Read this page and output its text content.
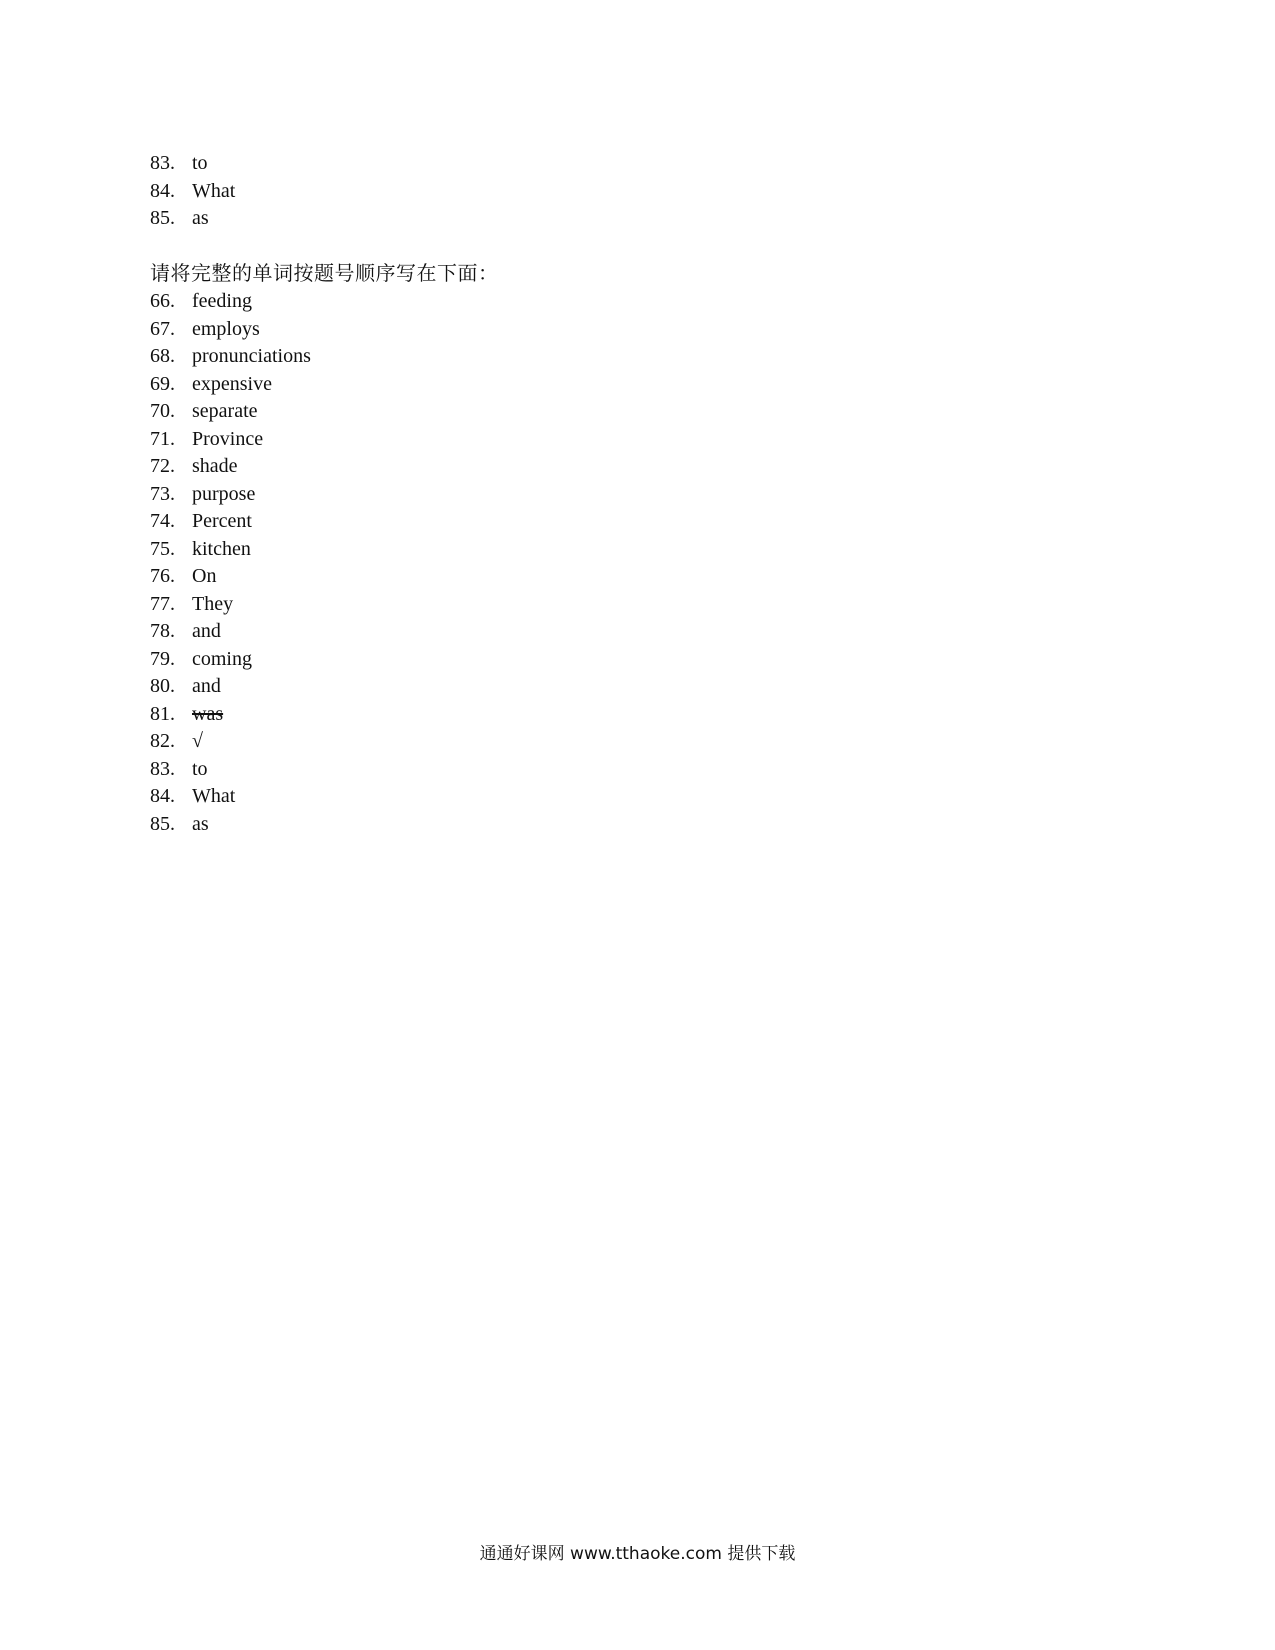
83. to
84. What
85. as
请将完整的单词按题号顺序写在下面：
66. feeding
67. employs
68. pronunciations
69. expensive
70. separate
71. Province
72. shade
73. purpose
74. Percent
75. kitchen
76. On
77. They
78. and
79. coming
80. and
81. was
82. √
83. to
84. What
85. as
通通好课网 www.tthaoke.com 提供下载
